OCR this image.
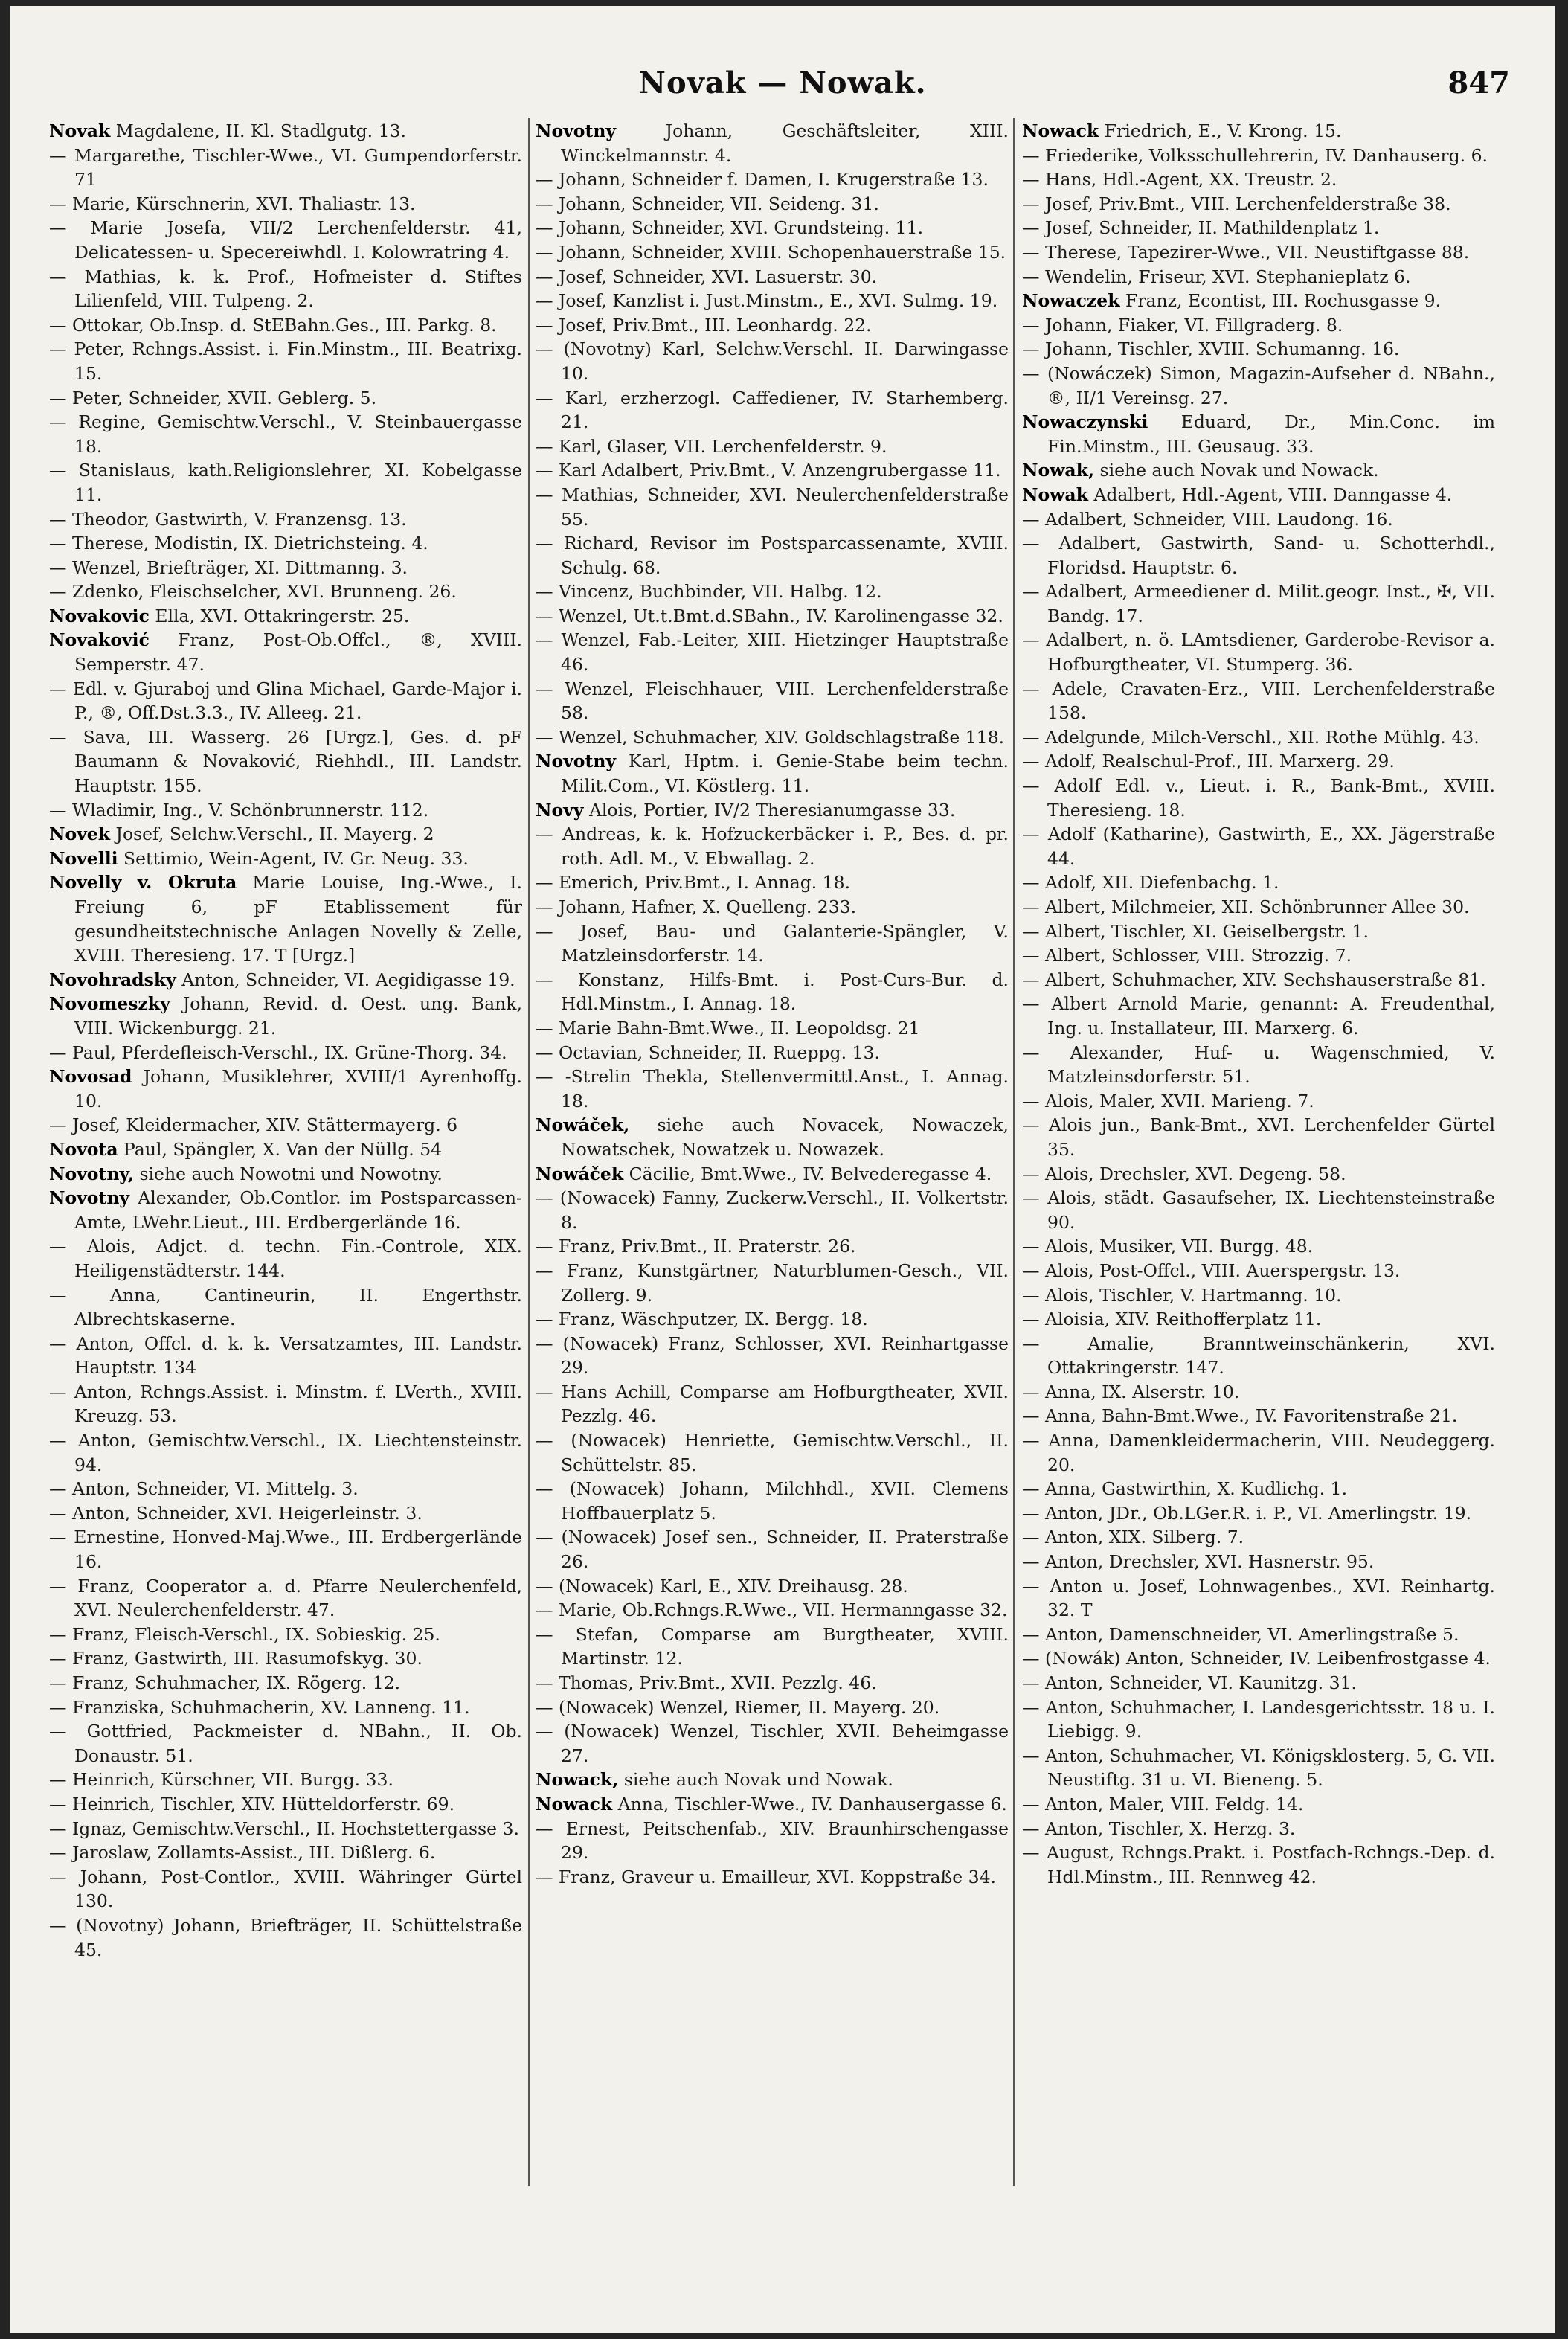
Novak — Nowak.	847

Novak Magdalene, II. Kl. Stadlgutg. 13.

— Margarethe, Tischler-Wwe., VI. Gumpendorferstr. 71

— Marie, Kürschnerin, XVI. Thaliastr. 13.

— Marie Josefa, VII/2 Lerchenfelderstr. 41, Delicatessen- u. Specereiwhdl. I. Kolowratring 4.

— Mathias, k. k. Prof., Hofmeister d. Stiftes Lilienfeld, VIII. Tulpeng. 2.

— Ottokar, Ob.Insp. d. StEBahn.Ges., III. Parkg. 8.

— Peter, Rchngs.Assist. i. Fin.Minstm., III. Beatrixg. 15.

— Peter, Schneider, XVII. Geblerg. 5.

— Regine, Gemischtw.Verschl., V. Steinbauergasse 18.

— Stanislaus, kath.Religionslehrer, XI. Kobelgasse 11.

— Theodor, Gastwirth, V. Franzensg. 13.

— Therese, Modistin, IX. Dietrichsteing. 4.

— Wenzel, Briefträger, XI. Dittmanng. 3.

— Zdenko, Fleischselcher, XVI. Brunneng. 26.

Novakovic Ella, XVI. Ottakringerstr. 25.

Novaković Franz, Post-Ob.Offcl., ®, XVIII. Semperstr. 47.

— Edl. v. Gjuraboj und Glina Michael, Garde-Major i. P., ®, Off.Dst.3.3., IV. Alleeg. 21.

— Sava, III. Wasserg. 26 [Urgz.], Ges. d. pF Baumann & Novaković, Riehhdl., III. Landstr. Hauptstr. 155.

— Wladimir, Ing., V. Schönbrunnerstr. 112.

Novek Josef, Selchw.Verschl., II. Mayerg. 2

Novelli Settimio, Wein-Agent, IV. Gr. Neug. 33.

Novelly v. Okruta Marie Louise, Ing.-Wwe., I. Freiung 6, pF Etablissement für gesundheitstechnische Anlagen Novelly & Zelle, XVIII. Theresieng. 17. T [Urgz.]

Novohradsky Anton, Schneider, VI. Aegidigasse 19.

Novomeszky Johann, Revid. d. Oest. ung. Bank, VIII. Wickenburgg. 21.

— Paul, Pferdefleisch-Verschl., IX. Grüne-Thorg. 34.

Novosad Johann, Musiklehrer, XVIII/1 Ayrenhoffg. 10.

— Josef, Kleidermacher, XIV. Stättermayerg. 6

Novota Paul, Spängler, X. Van der Nüllg. 54

Novotny, siehe auch Nowotni und Nowotny.

Novotny Alexander, Ob.Contlor. im Postsparcassen-Amte, LWehr.Lieut., III. Erdbergerlände 16.

— Alois, Adjct. d. techn. Fin.-Controle, XIX. Heiligenstädterstr. 144.

— Anna, Cantineurin, II. Engerthstr. Albrechtskaserne.

— Anton, Offcl. d. k. k. Versatzamtes, III. Landstr. Hauptstr. 134

— Anton, Rchngs.Assist. i. Minstm. f. LVerth., XVIII. Kreuzg. 53.

— Anton, Gemischtw.Verschl., IX. Liechtensteinstr. 94.

— Anton, Schneider, VI. Mittelg. 3.

— Anton, Schneider, XVI. Heigerleinstr. 3.

— Ernestine, Honved-Maj.Wwe., III. Erdbergerlände 16.

— Franz, Cooperator a. d. Pfarre Neulerchenfeld, XVI. Neulerchenfelderstr. 47.

— Franz, Fleisch-Verschl., IX. Sobieskig. 25.

— Franz, Gastwirth, III. Rasumofskyg. 30.

— Franz, Schuhmacher, IX. Rögerg. 12.

— Franziska, Schuhmacherin, XV. Lanneng. 11.

— Gottfried, Packmeister d. NBahn., II. Ob. Donaustr. 51.

— Heinrich, Kürschner, VII. Burgg. 33.

— Heinrich, Tischler, XIV. Hütteldorferstr. 69.

— Ignaz, Gemischtw.Verschl., II. Hochstettergasse 3.

— Jaroslaw, Zollamts-Assist., III. Dißlerg. 6.

— Johann, Post-Contlor., XVIII. Währinger Gürtel 130.

— (Novotny) Johann, Briefträger, II. Schüttelstraße 45.

Novotny Johann, Geschäftsleiter, XIII. Winckelmannstr. 4.

— Johann, Schneider f. Damen, I. Krugerstraße 13.

— Johann, Schneider, VII. Seideng. 31.

— Johann, Schneider, XVI. Grundsteing. 11.

— Johann, Schneider, XVIII. Schopenhauerstraße 15.

— Josef, Schneider, XVI. Lasuerstr. 30.

— Josef, Kanzlist i. Just.Minstm., E., XVI. Sulmg. 19.

— Josef, Priv.Bmt., III. Leonhardg. 22.

— (Novotny) Karl, Selchw.Verschl. II. Darwingasse 10.

— Karl, erzherzogl. Caffediener, IV. Starhemberg. 21.

— Karl, Glaser, VII. Lerchenfelderstr. 9.

— Karl Adalbert, Priv.Bmt., V. Anzengrubergasse 11.

— Mathias, Schneider, XVI. Neulerchenfelderstraße 55.

— Richard, Revisor im Postsparcassenamte, XVIII. Schulg. 68.

— Vincenz, Buchbinder, VII. Halbg. 12.

— Wenzel, Ut.t.Bmt.d.SBahn., IV. Karolinengasse 32.

— Wenzel, Fab.-Leiter, XIII. Hietzinger Hauptstraße 46.

— Wenzel, Fleischhauer, VIII. Lerchenfelderstraße 58.

— Wenzel, Schuhmacher, XIV. Goldschlagstraße 118.

Novotny Karl, Hptm. i. Genie-Stabe beim techn. Milit.Com., VI. Köstlerg. 11.

Novy Alois, Portier, IV/2 Theresianumgasse 33.

— Andreas, k. k. Hofzuckerbäcker i. P., Bes. d. pr. roth. Adl. M., V. Ebwallag. 2.

— Emerich, Priv.Bmt., I. Annag. 18.

— Johann, Hafner, X. Quelleng. 233.

— Josef, Bau- und Galanterie-Spängler, V. Matzleinsdorferstr. 14.

— Konstanz, Hilfs-Bmt. i. Post-Curs-Bur. d. Hdl.Minstm., I. Annag. 18.

— Marie Bahn-Bmt.Wwe., II. Leopoldsg. 21

— Octavian, Schneider, II. Rueppg. 13.

— -Strelin Thekla, Stellenvermittl.Anst., I. Annag. 18.

Nowáček, siehe auch Novacek, Nowaczek, Nowatschek, Nowatzek u. Nowazek.

Nowáček Cäcilie, Bmt.Wwe., IV. Belvederegasse 4.

— (Nowacek) Fanny, Zuckerw.Verschl., II. Volkertstr. 8.

— Franz, Priv.Bmt., II. Praterstr. 26.

— Franz, Kunstgärtner, Naturblumen-Gesch., VII. Zollerg. 9.

— Franz, Wäschputzer, IX. Bergg. 18.

— (Nowacek) Franz, Schlosser, XVI. Reinhartgasse 29.

— Hans Achill, Comparse am Hofburgtheater, XVII. Pezzlg. 46.

— (Nowacek) Henriette, Gemischtw.Verschl., II. Schüttelstr. 85.

— (Nowacek) Johann, Milchhdl., XVII. Clemens Hoffbauerplatz 5.

— (Nowacek) Josef sen., Schneider, II. Praterstraße 26.

— (Nowacek) Karl, E., XIV. Dreihausg. 28.

— Marie, Ob.Rchngs.R.Wwe., VII. Hermanngasse 32.

— Stefan, Comparse am Burgtheater, XVIII. Martinstr. 12.

— Thomas, Priv.Bmt., XVII. Pezzlg. 46.

— (Nowacek) Wenzel, Riemer, II. Mayerg. 20.

— (Nowacek) Wenzel, Tischler, XVII. Beheimgasse 27.

Nowack, siehe auch Novak und Nowak.

Nowack Anna, Tischler-Wwe., IV. Danhausergasse 6.

— Ernest, Peitschenfab., XIV. Braunhirschengasse 29.

— Franz, Graveur u. Emailleur, XVI. Koppstraße 34.

Nowack Friedrich, E., V. Krong. 15.

— Friederike, Volksschullehrerin, IV. Danhauserg. 6.

— Hans, Hdl.-Agent, XX. Treustr. 2.

— Josef, Priv.Bmt., VIII. Lerchenfelderstraße 38.

— Josef, Schneider, II. Mathildenplatz 1.

— Therese, Tapezirer-Wwe., VII. Neustiftgasse 88.

— Wendelin, Friseur, XVI. Stephanieplatz 6.

Nowaczek Franz, Econtist, III. Rochusgasse 9.

— Johann, Fiaker, VI. Fillgraderg. 8.

— Johann, Tischler, XVIII. Schumanng. 16.

— (Nowáczek) Simon, Magazin-Aufseher d. NBahn., ®, II/1 Vereinsg. 27.

Nowaczynski Eduard, Dr., Min.Conc. im Fin.Minstm., III. Geusaug. 33.

Nowak, siehe auch Novak und Nowack.

Nowak Adalbert, Hdl.-Agent, VIII. Danngasse 4.

— Adalbert, Schneider, VIII. Laudong. 16.

— Adalbert, Gastwirth, Sand- u. Schotterhdl., Floridsd. Hauptstr. 6.

— Adalbert, Armeediener d. Milit.geogr. Inst., ✠, VII. Bandg. 17.

— Adalbert, n. ö. LAmtsdiener, Garderobe-Revisor a. Hofburgtheater, VI. Stumperg. 36.

— Adele, Cravaten-Erz., VIII. Lerchenfelderstraße 158.

— Adelgunde, Milch-Verschl., XII. Rothe Mühlg. 43.

— Adolf, Realschul-Prof., III. Marxerg. 29.

— Adolf Edl. v., Lieut. i. R., Bank-Bmt., XVIII. Theresieng. 18.

— Adolf (Katharine), Gastwirth, E., XX. Jägerstraße 44.

— Adolf, XII. Diefenbachg. 1.

— Albert, Milchmeier, XII. Schönbrunner Allee 30.

— Albert, Tischler, XI. Geiselbergstr. 1.

— Albert, Schlosser, VIII. Strozzig. 7.

— Albert, Schuhmacher, XIV. Sechshauserstraße 81.

— Albert Arnold Marie, genannt: A. Freudenthal, Ing. u. Installateur, III. Marxerg. 6.

— Alexander, Huf- u. Wagenschmied, V. Matzleinsdorferstr. 51.

— Alois, Maler, XVII. Marieng. 7.

— Alois jun., Bank-Bmt., XVI. Lerchenfelder Gürtel 35.

— Alois, Drechsler, XVI. Degeng. 58.

— Alois, städt. Gasaufseher, IX. Liechtensteinstraße 90.

— Alois, Musiker, VII. Burgg. 48.

— Alois, Post-Offcl., VIII. Auerspergstr. 13.

— Alois, Tischler, V. Hartmanng. 10.

— Aloisia, XIV. Reithofferplatz 11.

— Amalie, Branntweinschänkerin, XVI. Ottakringerstr. 147.

— Anna, IX. Alserstr. 10.

— Anna, Bahn-Bmt.Wwe., IV. Favoritenstraße 21.

— Anna, Damenkleidermacherin, VIII. Neudeggerg. 20.

— Anna, Gastwirthin, X. Kudlichg. 1.

— Anton, JDr., Ob.LGer.R. i. P., VI. Amerlingstr. 19.

— Anton, XIX. Silberg. 7.

— Anton, Drechsler, XVI. Hasnerstr. 95.

— Anton u. Josef, Lohnwagenbes., XVI. Reinhartg. 32. T

— Anton, Damenschneider, VI. Amerlingstraße 5.

— (Nowák) Anton, Schneider, IV. Leibenfrostgasse 4.

— Anton, Schneider, VI. Kaunitzg. 31.

— Anton, Schuhmacher, I. Landesgerichtsstr. 18 u. I. Liebigg. 9.

— Anton, Schuhmacher, VI. Königsklosterg. 5, G. VII. Neustiftg. 31 u. VI. Bieneng. 5.

— Anton, Maler, VIII. Feldg. 14.

— Anton, Tischler, X. Herzg. 3.

— August, Rchngs.Prakt. i. Postfach-Rchngs.-Dep. d. Hdl.Minstm., III. Rennweg 42.
